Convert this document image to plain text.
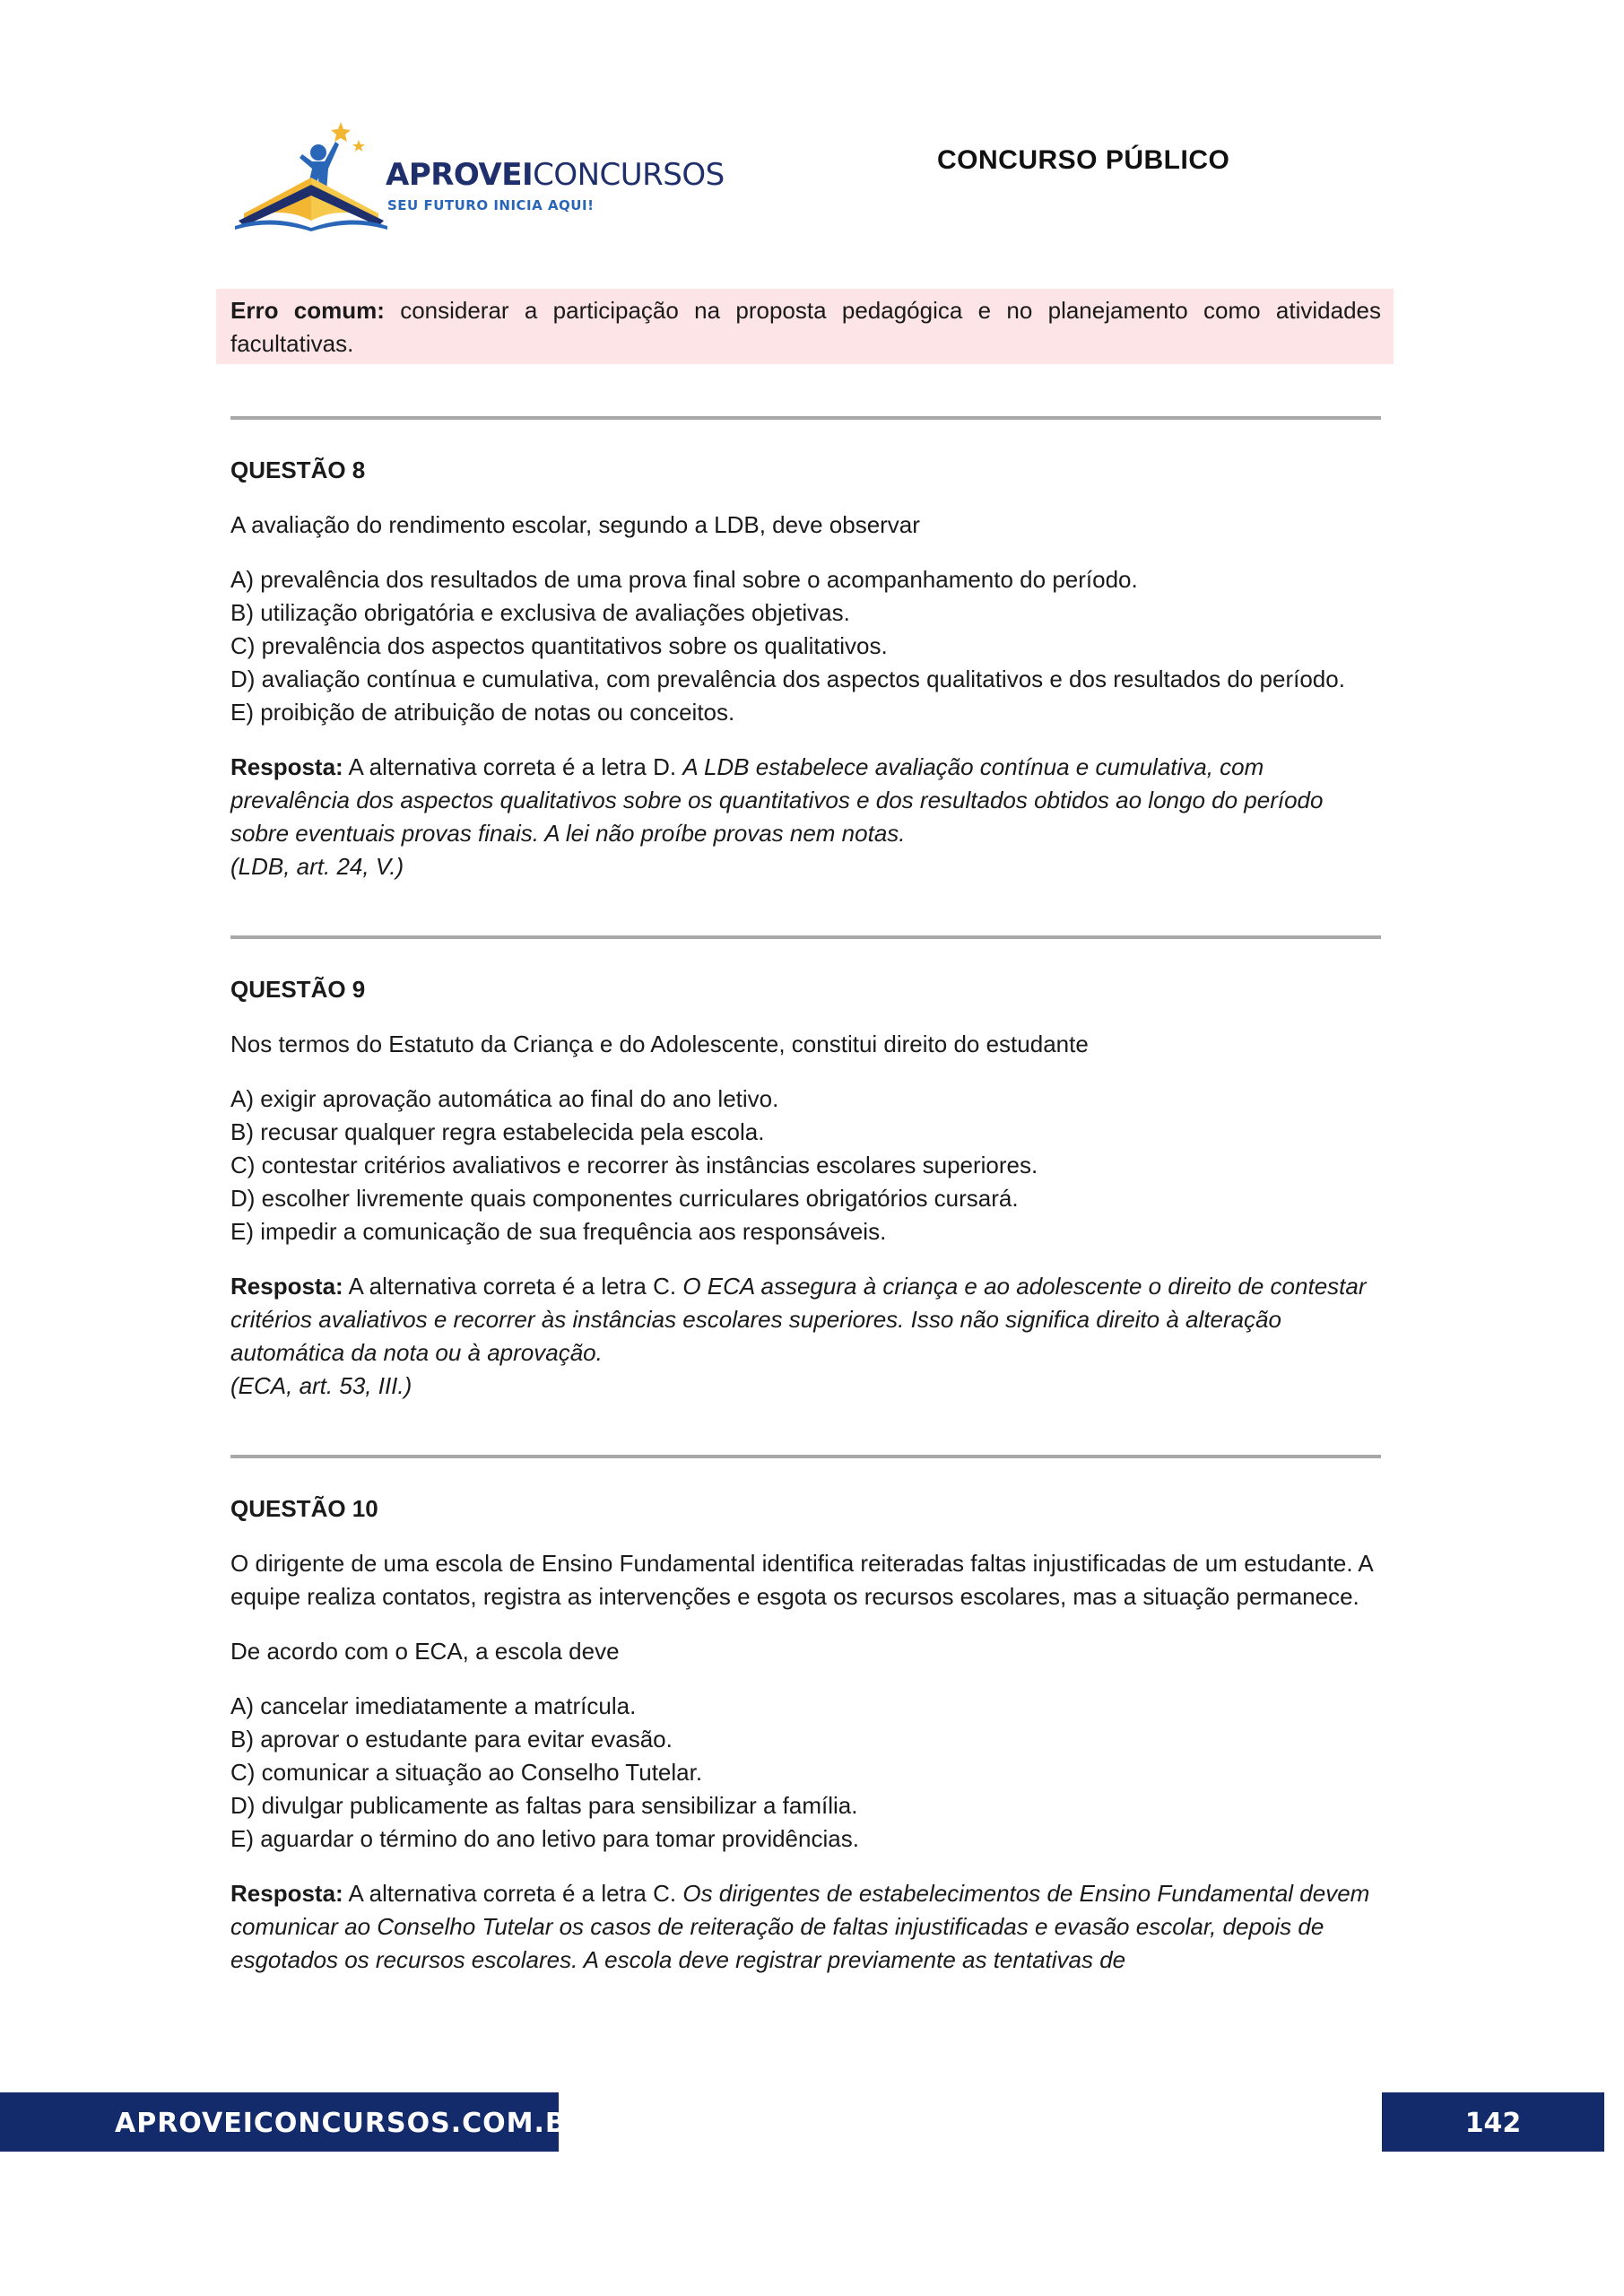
APROVEICONCURSOS
SEU FUTURO INICIA AQUI!
CONCURSO PÚBLICO
Erro comum: considerar a participação na proposta pedagógica e no planejamento como atividades facultativas.

QUESTÃO 8

A avaliação do rendimento escolar, segundo a LDB, deve observar

A) prevalência dos resultados de uma prova final sobre o acompanhamento do período.

B) utilização obrigatória e exclusiva de avaliações objetivas.

C) prevalência dos aspectos quantitativos sobre os qualitativos.

D) avaliação contínua e cumulativa, com prevalência dos aspectos qualitativos e dos resultados do período.

E) proibição de atribuição de notas ou conceitos.

Resposta: A alternativa correta é a letra D. A LDB estabelece avaliação contínua e cumulativa, com prevalência dos aspectos qualitativos sobre os quantitativos e dos resultados obtidos ao longo do período sobre eventuais provas finais. A lei não proíbe provas nem notas.

(LDB, art. 24, V.)

QUESTÃO 9

Nos termos do Estatuto da Criança e do Adolescente, constitui direito do estudante

A) exigir aprovação automática ao final do ano letivo.

B) recusar qualquer regra estabelecida pela escola.

C) contestar critérios avaliativos e recorrer às instâncias escolares superiores.

D) escolher livremente quais componentes curriculares obrigatórios cursará.

E) impedir a comunicação de sua frequência aos responsáveis.

Resposta: A alternativa correta é a letra C. O ECA assegura à criança e ao adolescente o direito de contestar critérios avaliativos e recorrer às instâncias escolares superiores. Isso não significa direito à alteração automática da nota ou à aprovação.

(ECA, art. 53, III.)

QUESTÃO 10

O dirigente de uma escola de Ensino Fundamental identifica reiteradas faltas injustificadas de um estudante. A equipe realiza contatos, registra as intervenções e esgota os recursos escolares, mas a situação permanece.

De acordo com o ECA, a escola deve

A) cancelar imediatamente a matrícula.

B) aprovar o estudante para evitar evasão.

C) comunicar a situação ao Conselho Tutelar.

D) divulgar publicamente as faltas para sensibilizar a família.

E) aguardar o término do ano letivo para tomar providências.

Resposta: A alternativa correta é a letra C. Os dirigentes de estabelecimentos de Ensino Fundamental devem comunicar ao Conselho Tutelar os casos de reiteração de faltas injustificadas e evasão escolar, depois de esgotados os recursos escolares. A escola deve registrar previamente as tentativas de

APROVEICONCURSOS.COM.BR	142
